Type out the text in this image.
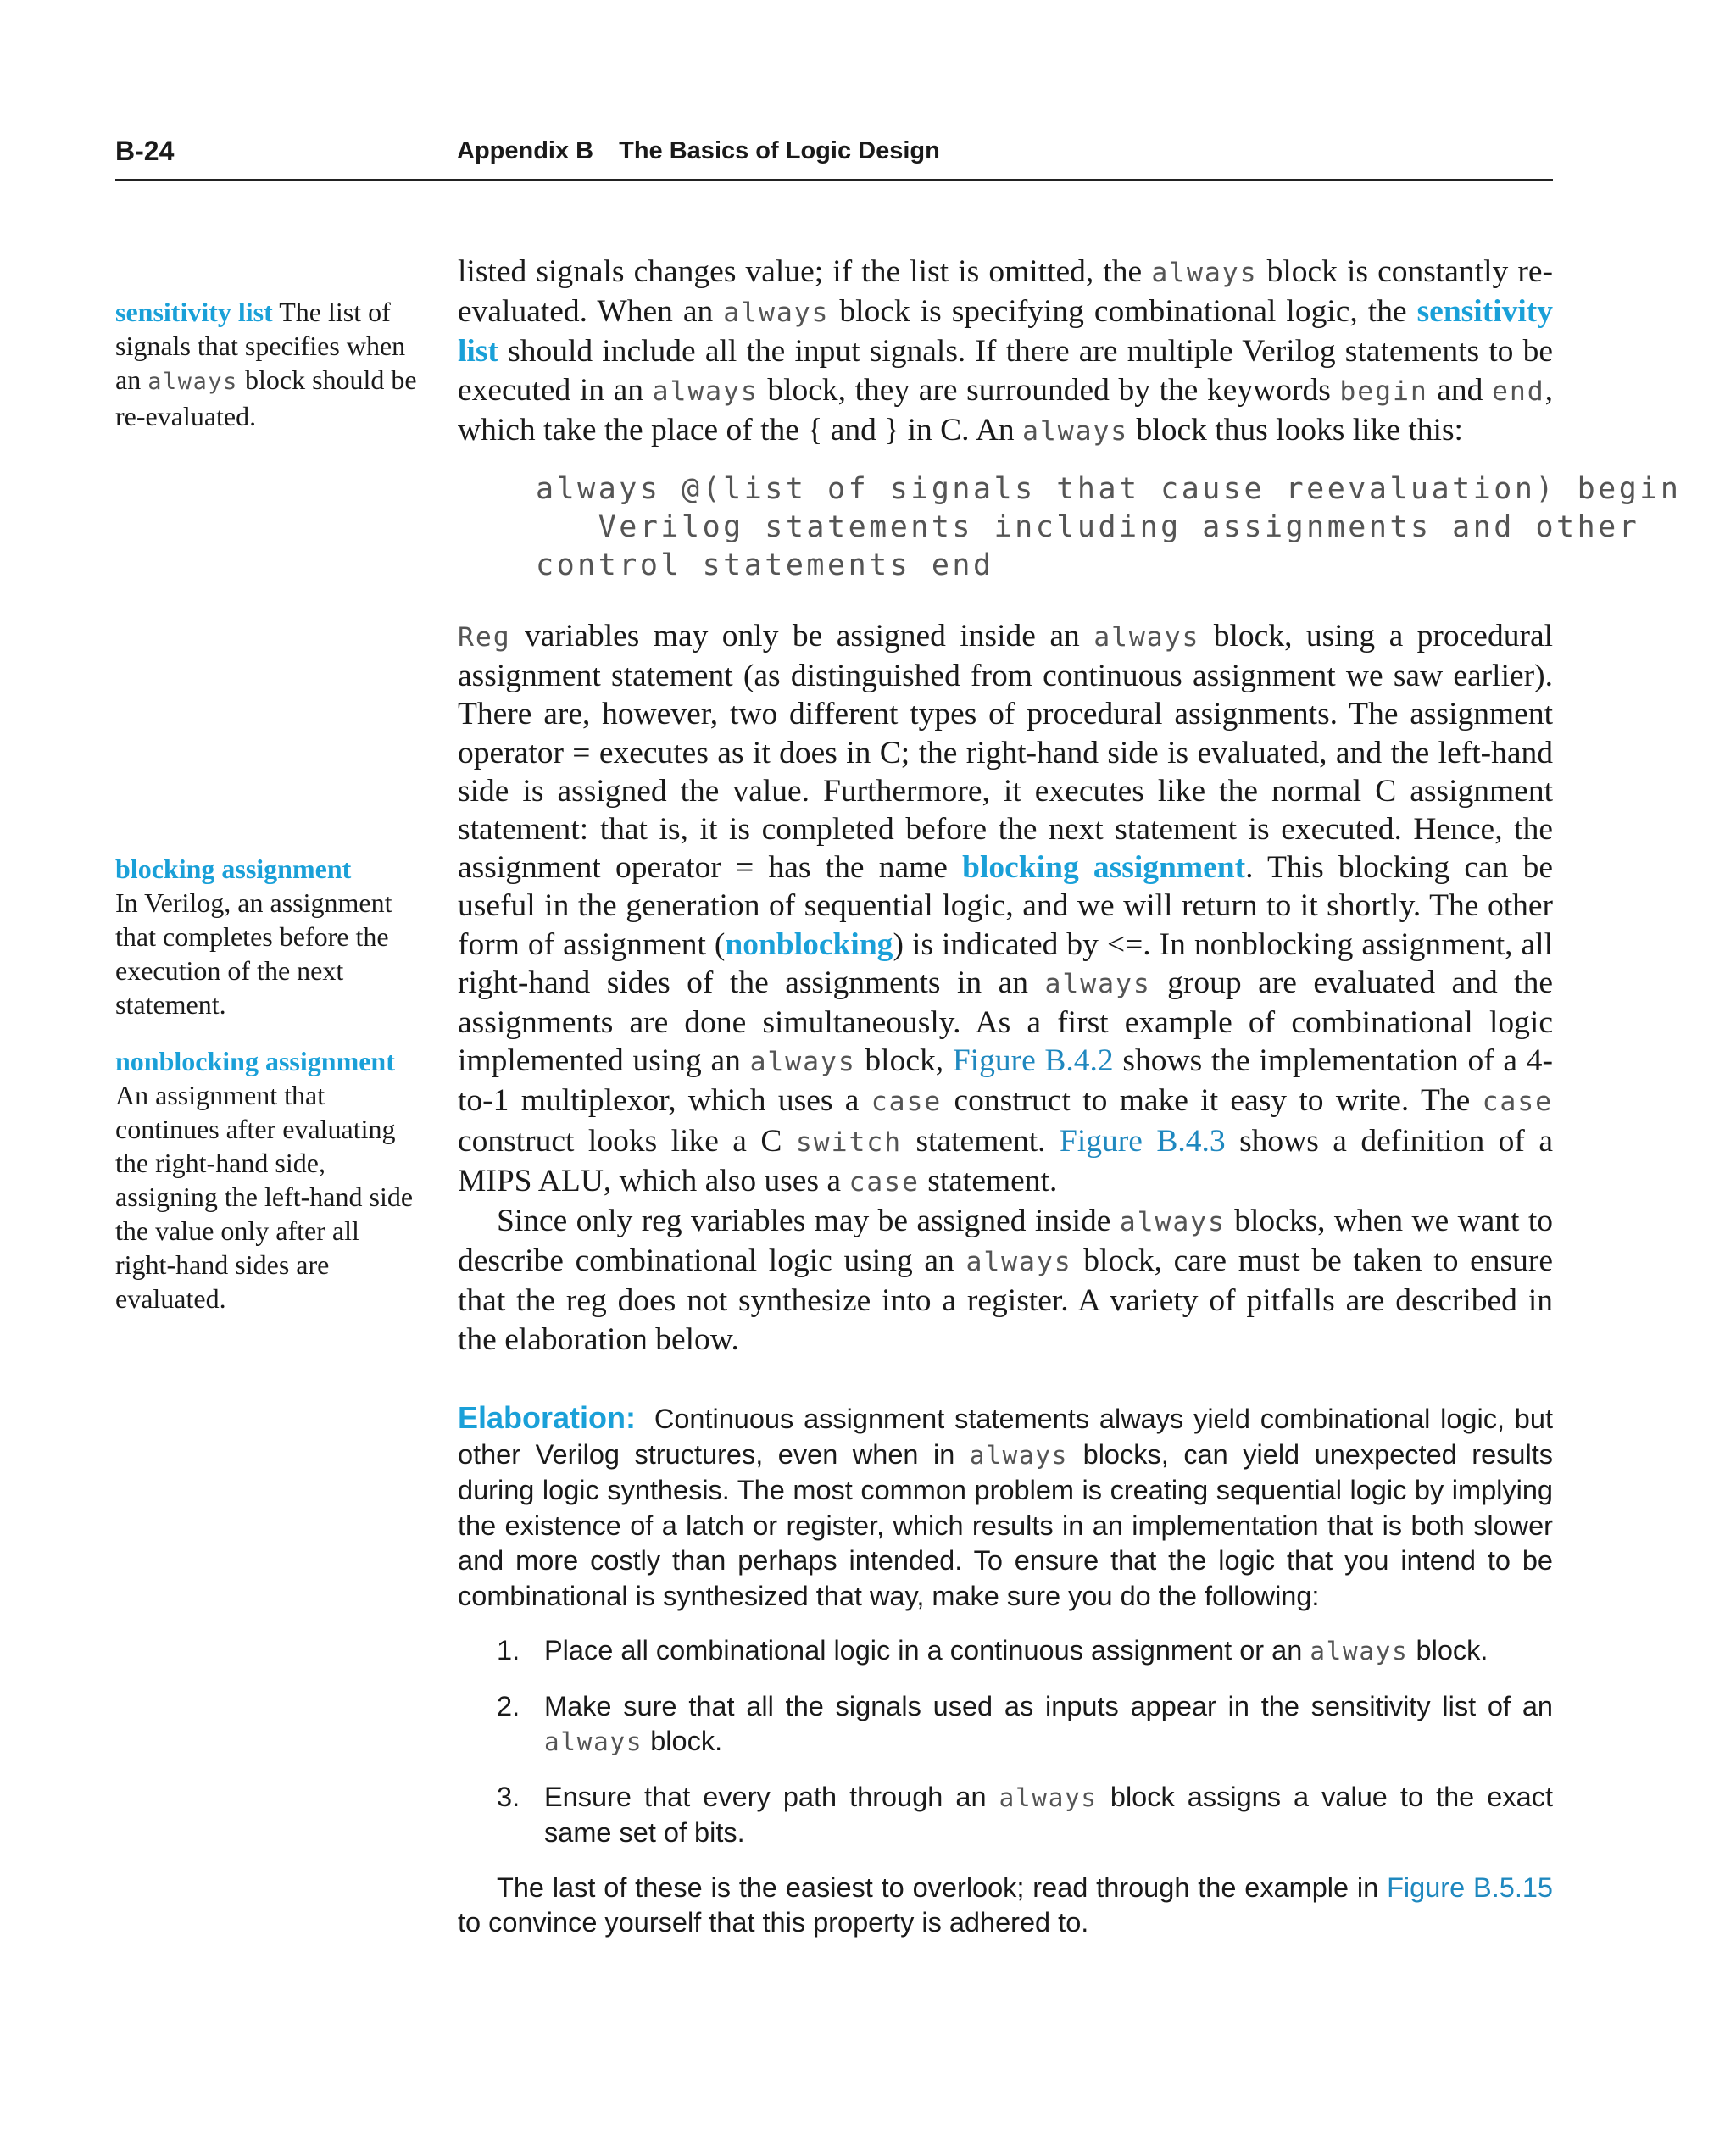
B-24	Appendix B The Basics of Logic Design
sensitivity list The list of signals that specifies when an always block should be re-evaluated.
blocking assignment
In Verilog, an assignment that completes before the execution of the next statement.
nonblocking assignment An assignment that continues after evaluating the right-hand side, assigning the left-hand side the value only after all right-hand sides are evaluated.

listed signals changes value; if the list is omitted, the always block is constantly re-evaluated. When an always block is specifying combinational logic, the sensitivity list should include all the input signals. If there are multiple Verilog statements to be executed in an always block, they are surrounded by the keywords begin and end, which take the place of the { and } in C. An always block thus looks like this:

always @(list of signals that cause reevaluation) begin
Verilog statements including assignments and other
control statements end

Reg variables may only be assigned inside an always block, using a procedural assignment statement (as distinguished from continuous assignment we saw earlier). There are, however, two different types of procedural assignments. The assignment operator = executes as it does in C; the right-hand side is evaluated, and the left-hand side is assigned the value. Furthermore, it executes like the normal C assignment statement: that is, it is completed before the next statement is executed. Hence, the assignment operator = has the name blocking assignment. This blocking can be useful in the generation of sequential logic, and we will return to it shortly. The other form of assignment (nonblocking) is indicated by <=. In nonblocking assignment, all right-hand sides of the assignments in an always group are evaluated and the assignments are done simultaneously. As a first example of combinational logic implemented using an always block, Figure B.4.2 shows the implementation of a 4-to-1 multiplexor, which uses a case construct to make it easy to write. The case construct looks like a C switch statement. Figure B.4.3 shows a definition of a MIPS ALU, which also uses a case statement.

Since only reg variables may be assigned inside always blocks, when we want to describe combinational logic using an always block, care must be taken to ensure that the reg does not synthesize into a register. A variety of pitfalls are described in the elaboration below.

Elaboration: Continuous assignment statements always yield combinational logic, but other Verilog structures, even when in always blocks, can yield unexpected results during logic synthesis. The most common problem is creating sequential logic by implying the existence of a latch or register, which results in an implementation that is both slower and more costly than perhaps intended. To ensure that the logic that you intend to be combinational is synthesized that way, make sure you do the following:

1. Place all combinational logic in a continuous assignment or an always block.
2. Make sure that all the signals used as inputs appear in the sensitivity list of an always block.
3. Ensure that every path through an always block assigns a value to the exact same set of bits.

The last of these is the easiest to overlook; read through the example in Figure B.5.15 to convince yourself that this property is adhered to.
